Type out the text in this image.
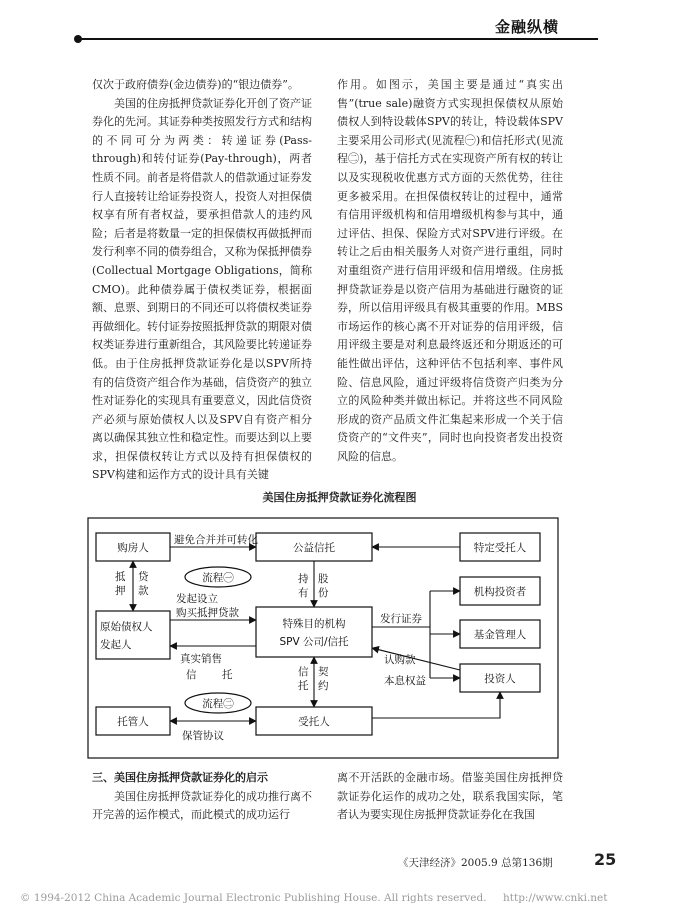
金融纵横

仅次于政府债券(金边债券)的“银边债券”。

美国的住房抵押贷款证券化开创了资产证券化的先河。其证券种类按照发行方式和结构的不同可分为两类：转递证券(Pass-through)和转付证券(Pay-through)，两者性质不同。前者是将借款人的借款通过证券发行人直接转让给证券投资人，投资人对担保债权享有所有者权益，要承担借款人的违约风险；后者是将数量一定的担保债权再做抵押而发行利率不同的债券组合，又称为保抵押债券(Collectual Mortgage Obligations，简称CMO)。此种债券属于债权类证券，根据面额、息票、到期日的不同还可以将债权类证券再做细化。转付证券按照抵押贷款的期限对债权类证券进行重新组合，其风险要比转递证券低。由于住房抵押贷款证券化是以SPV所持有的信贷资产组合作为基础，信贷资产的独立性对证券化的实现具有重要意义，因此信贷资产必须与原始债权人以及SPV自有资产相分离以确保其独立性和稳定性。而要达到以上要求，担保债权转让方式以及持有担保债权的SPV构建和运作方式的设计具有关键

作用。如图示，美国主要是通过“真实出售”(true sale)融资方式实现担保债权从原始债权人到特设载体SPV的转让，特设载体SPV主要采用公司形式(见流程㊀)和信托形式(见流程㊁)，基于信托方式在实现资产所有权的转让以及实现税收优惠方式方面的天然优势，往往更多被采用。在担保债权转让的过程中，通常有信用评级机构和信用增级机构参与其中，通过评估、担保、保险方式对SPV进行评级。在转让之后由相关服务人对资产进行重组，同时对重组资产进行信用评级和信用增级。住房抵押贷款证券是以资产信用为基础进行融资的证券，所以信用评级具有极其重要的作用。MBS市场运作的核心离不开对证券的信用评级，信用评级主要是对利息最终返还和分期返还的可能性做出评估，这种评估不包括利率、事件风险、信息风险，通过评级将信贷资产归类为分立的风险种类并做出标记。并将这些不同风险形成的资产品质文件汇集起来形成一个关于信贷资产的“文件夹”，同时也向投资者发出投资风险的信息。

美国住房抵押贷款证券化流程图
购房人	公益信托	特定受托人
原始债权人
发起人
特殊目的机构
SPV 公司/信托
机构投资者
基金管理人
投资人
托管人	受托人
避免合并并可转化
流程㊀
流程㊁
抵
押
贷
款
持
有
股
份
发起设立
购买抵押贷款
真实销售
信 托	信
托
契
约
发行证券
认购款
本息权益
保管协议

三、美国住房抵押贷款证券化的启示

美国住房抵押贷款证券化的成功推行离不开完善的运作模式，而此模式的成功运行

离不开活跃的金融市场。借鉴美国住房抵押贷款证券化运作的成功之处，联系我国实际，笔者认为要实现住房抵押贷款证券化在我国

《天津经济》2005.9 总第136期	25
© 1994-2012 China Academic Journal Electronic Publishing House. All rights reserved. http://www.cnki.net
